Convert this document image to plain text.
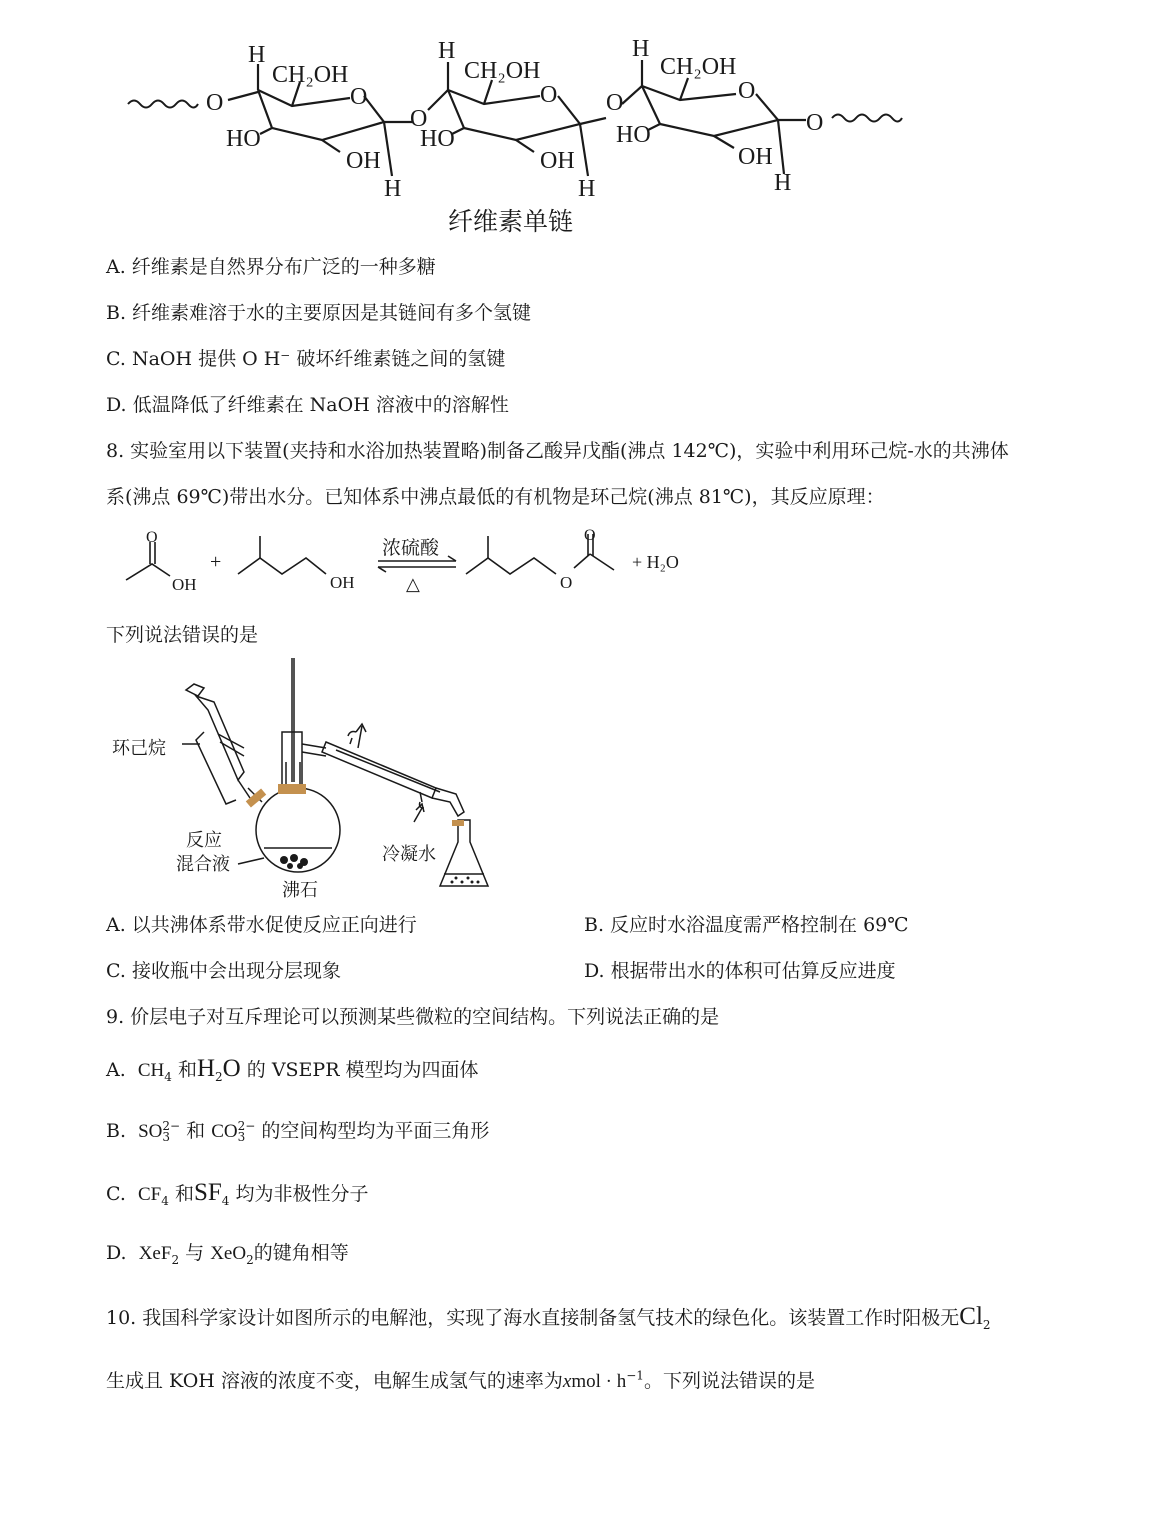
H
CH₂OH
O
HO
OH
H
O
O
H
CH₂OH
O
HO
OH
H
O
H
CH₂OH
O
HO
OH
H
O
纤维素单链
A. 纤维素是自然界分布广泛的一种多糖
B. 纤维素难溶于水的主要原因是其链间有多个氢键
C. NaOH 提供 O H⁻ 破坏纤维素链之间的氢键
D. 低温降低了纤维素在 NaOH 溶液中的溶解性
8. 实验室用以下装置(夹持和水浴加热装置略)制备乙酸异戊酯(沸点 142℃)，实验中利用环己烷-水的共沸体
系(沸点 69℃)带出水分。已知体系中沸点最低的有机物是环己烷(沸点 81℃)，其反应原理：
O
OH
+
OH
浓硫酸
△
O
O
+ H₂O
下列说法错误的是
环己烷
反应
混合液
沸石
冷凝水
A. 以共沸体系带水促使反应正向进行	B. 反应时水浴温度需严格控制在 69℃
C. 接收瓶中会出现分层现象	D. 根据带出水的体积可估算反应进度
9. 价层电子对互斥理论可以预测某些微粒的空间结构。下列说法正确的是
A. $CH_4$ 和$H_2O$ 的 VSEPR 模型均为四面体
B. SO2−
3 和 CO2−
3 的空间构型均为平面三角形
C. $CF_4$ 和$SF_4$ 均为非极性分子
D. XeF$_2$ 与 XeO$_2$的键角相等
10. 我国科学家设计如图所示的电解池，实现了海水直接制备氢气技术的绿色化。该装置工作时阳极无$Cl_2$
生成且 KOH 溶液的浓度不变，电解生成氢气的速率为xmol · $h^{-1}$。下列说法错误的是
